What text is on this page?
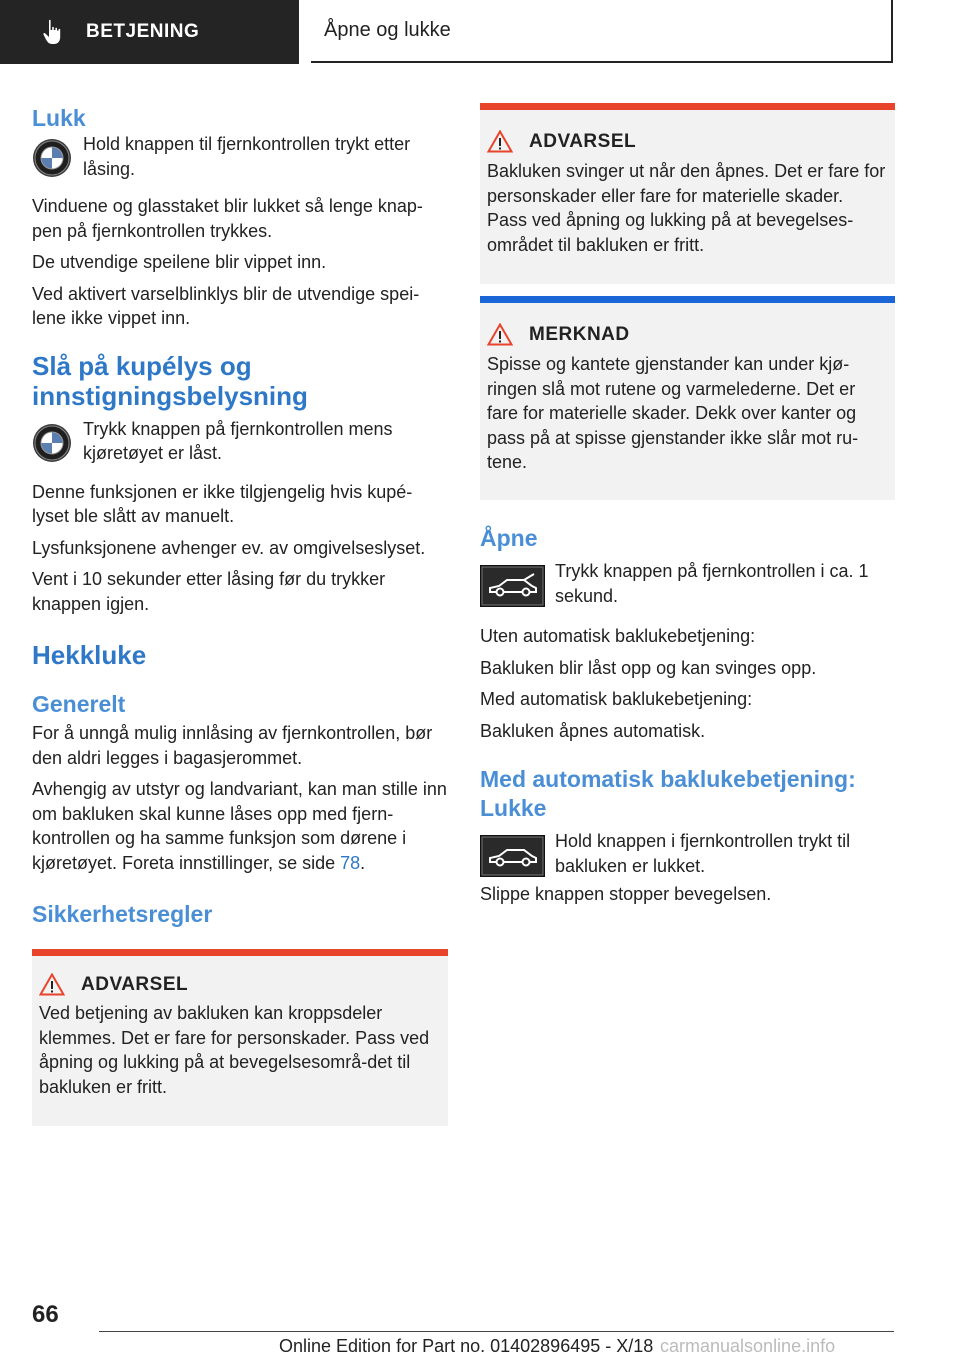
BETJENING	Åpne og lukke
Lukk
Hold knappen til fjernkontrollen trykt etter låsing.

Vinduene og glasstaket blir lukket så lenge knap-pen på fjernkontrollen trykkes.

De utvendige speilene blir vippet inn.

Ved aktivert varselblinklys blir de utvendige spei-lene ikke vippet inn.

Slå på kupélys og innstigningsbelysning
Trykk knappen på fjernkontrollen mens kjøretøyet er låst.

Denne funksjonen er ikke tilgjengelig hvis kupé-lyset ble slått av manuelt.

Lysfunksjonene avhenger ev. av omgivelseslyset.

Vent i 10 sekunder etter låsing før du trykker knappen igjen.

Hekkluke
Generelt

For å unngå mulig innlåsing av fjernkontrollen, bør den aldri legges i bagasjerommet.

Avhengig av utstyr og landvariant, kan man stille inn om bakluken skal kunne låses opp med fjern-kontrollen og ha samme funksjon som dørene i kjøretøyet. Foreta innstillinger, se side 78.

Sikkerhetsregler
ADVARSEL

Ved betjening av bakluken kan kroppsdeler klemmes. Det er fare for personskader. Pass ved åpning og lukking på at bevegelsesområ-det til bakluken er fritt.

ADVARSEL

Bakluken svinger ut når den åpnes. Det er fare for personskader eller fare for materielle skader. Pass ved åpning og lukking på at bevegelses-området til bakluken er fritt.

MERKNAD

Spisse og kantete gjenstander kan under kjø-ringen slå mot rutene og varmelederne. Det er fare for materielle skader. Dekk over kanter og pass på at spisse gjenstander ikke slår mot ru-tene.

Åpne
Trykk knappen på fjernkontrollen i ca. 1 sekund.

Uten automatisk baklukebetjening:

Bakluken blir låst opp og kan svinges opp.

Med automatisk baklukebetjening:

Bakluken åpnes automatisk.

Med automatisk baklukebetjening: Lukke
Hold knappen i fjernkontrollen trykt til bakluken er lukket.

Slippe knappen stopper bevegelsen.

66
Online Edition for Part no. 01402896495 - X/18 carmanualsonline.info
